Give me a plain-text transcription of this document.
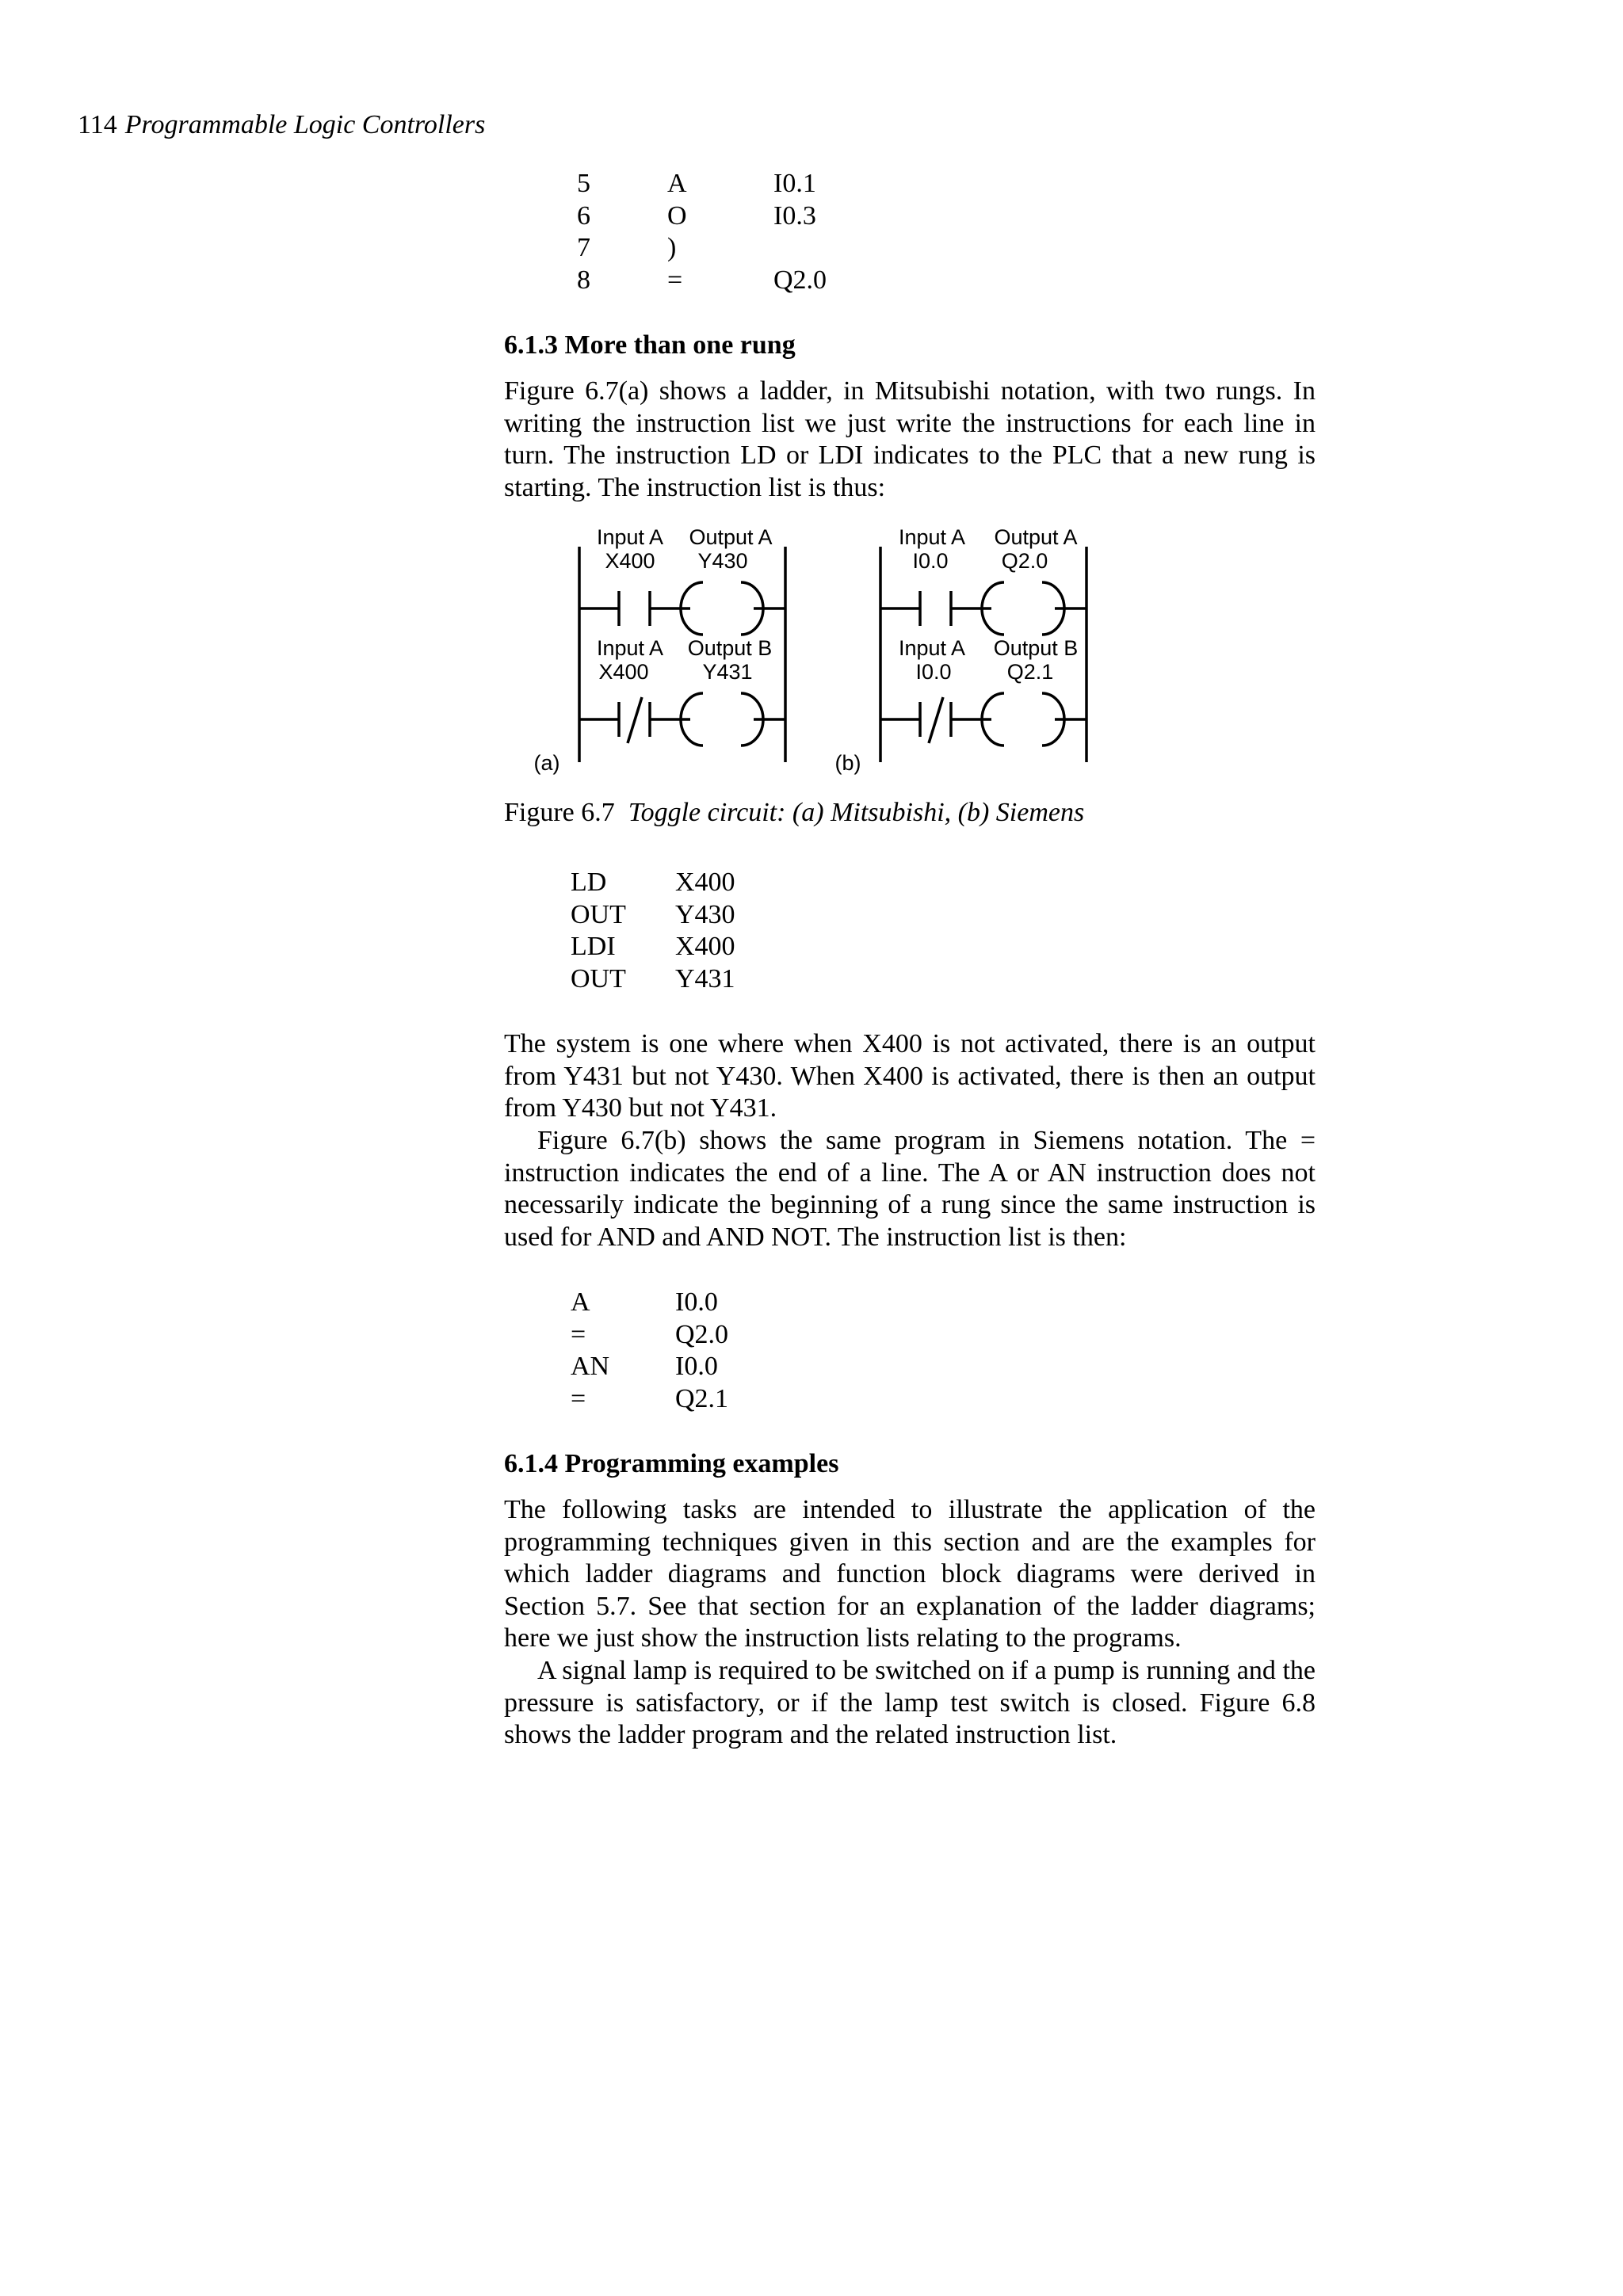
114 Programmable Logic Controllers
5	A	I0.1
6	O	I0.3
7	)
8	=	Q2.0
6.1.3 More than one rung

Figure 6.7(a) shows a ladder, in Mitsubishi notation, with two rungs. In writing the instruction list we just write the instructions for each line in turn. The instruction LD or LDI indicates to the PLC that a new rung is starting. The instruction list is thus:

Input A
X400
Output A
Y430
Input A
X400
Output B
Y431
(a)
Input A
I0.0
Output A
Q2.0
Input A
I0.0
Output B
Q2.1
(b)
Figure 6.7 Toggle circuit: (a) Mitsubishi, (b) Siemens
LD	X400
OUT	Y430
LDI	X400
OUT	Y431

The system is one where when X400 is not activated, there is an output from Y431 but not Y430. When X400 is activated, there is then an output from Y430 but not Y431.

Figure 6.7(b) shows the same program in Siemens notation. The = instruction indicates the end of a line. The A or AN instruction does not necessarily indicate the beginning of a rung since the same instruction is used for AND and AND NOT. The instruction list is then:

A	I0.0
=	Q2.0
AN	I0.0
=	Q2.1
6.1.4 Programming examples

The following tasks are intended to illustrate the application of the programming techniques given in this section and are the examples for which ladder diagrams and function block diagrams were derived in Section 5.7. See that section for an explanation of the ladder diagrams; here we just show the instruction lists relating to the programs.

A signal lamp is required to be switched on if a pump is running and the pressure is satisfactory, or if the lamp test switch is closed. Figure 6.8 shows the ladder program and the related instruction list.
